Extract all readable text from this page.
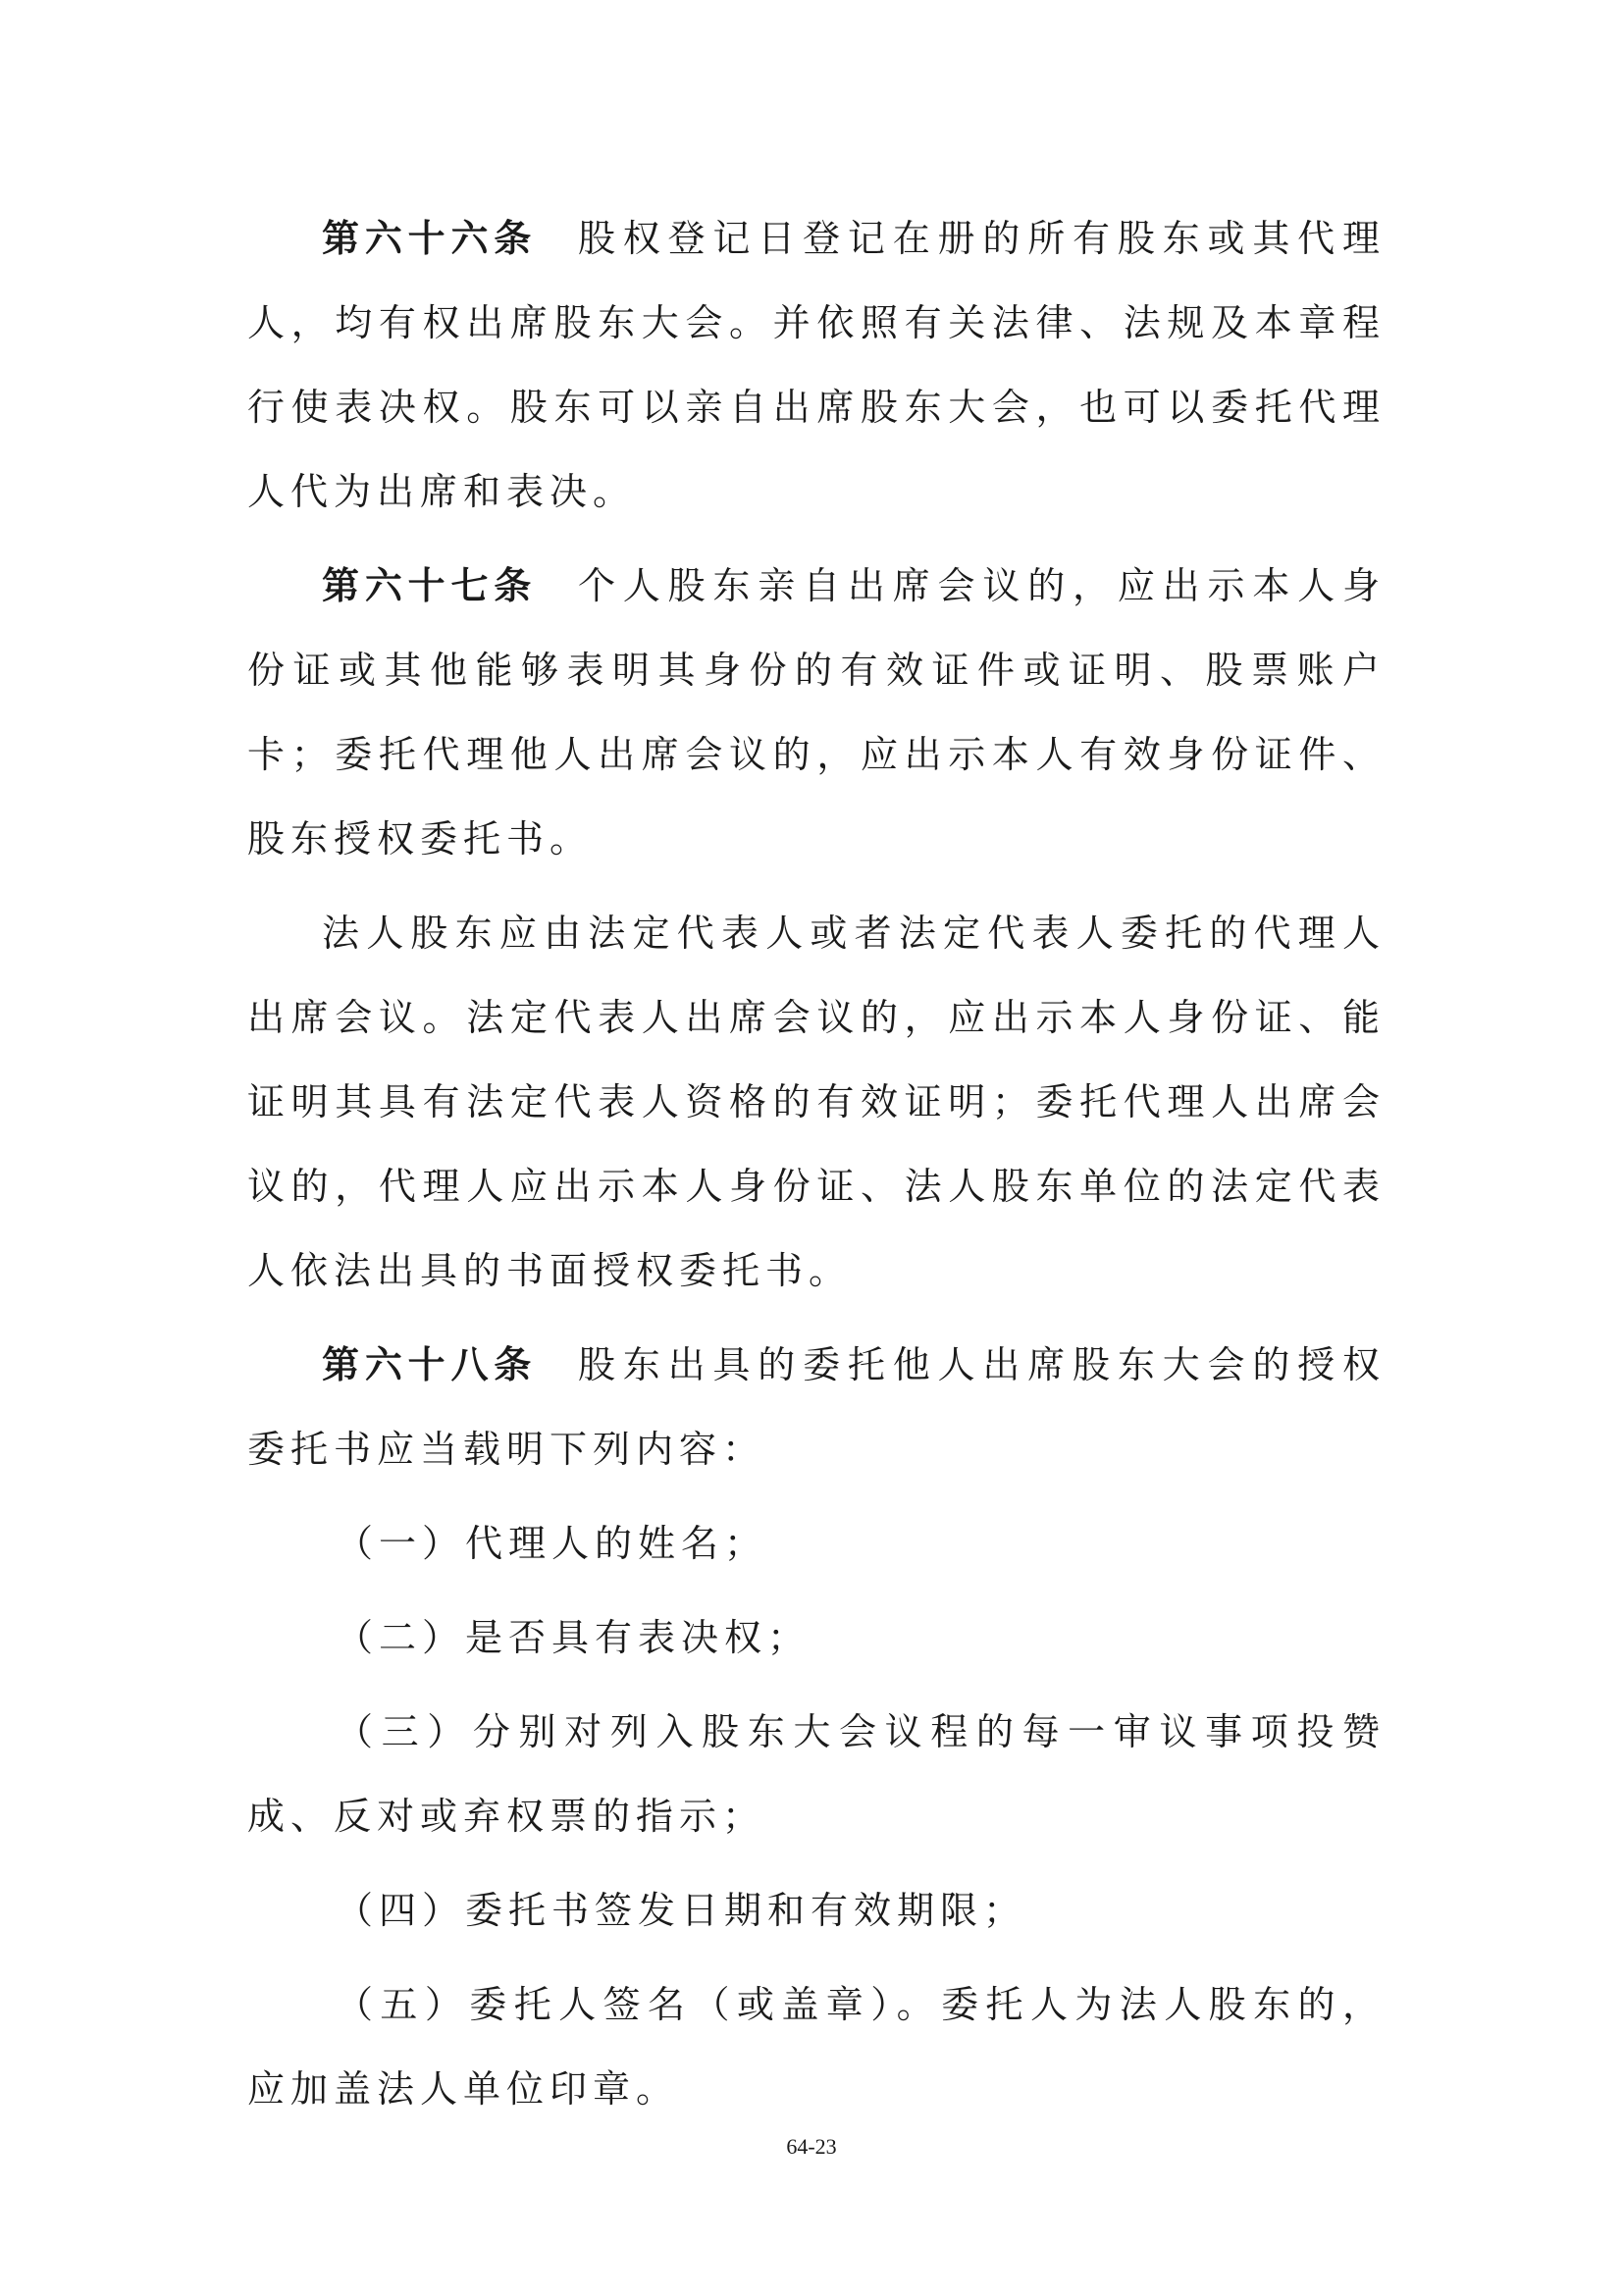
第六十六条 股权登记日登记在册的所有股东或其代理人，均有权出席股东大会。并依照有关法律、法规及本章程行使表决权。股东可以亲自出席股东大会，也可以委托代理人代为出席和表决。

第六十七条 个人股东亲自出席会议的，应出示本人身份证或其他能够表明其身份的有效证件或证明、股票账户卡；委托代理他人出席会议的，应出示本人有效身份证件、股东授权委托书。

法人股东应由法定代表人或者法定代表人委托的代理人出席会议。法定代表人出席会议的，应出示本人身份证、能证明其具有法定代表人资格的有效证明；委托代理人出席会议的，代理人应出示本人身份证、法人股东单位的法定代表人依法出具的书面授权委托书。

第六十八条 股东出具的委托他人出席股东大会的授权委托书应当载明下列内容：

（一）代理人的姓名；

（二）是否具有表决权；

（三）分别对列入股东大会议程的每一审议事项投赞成、反对或弃权票的指示；

（四）委托书签发日期和有效期限；

（五）委托人签名（或盖章）。委托人为法人股东的，应加盖法人单位印章。

64-23
